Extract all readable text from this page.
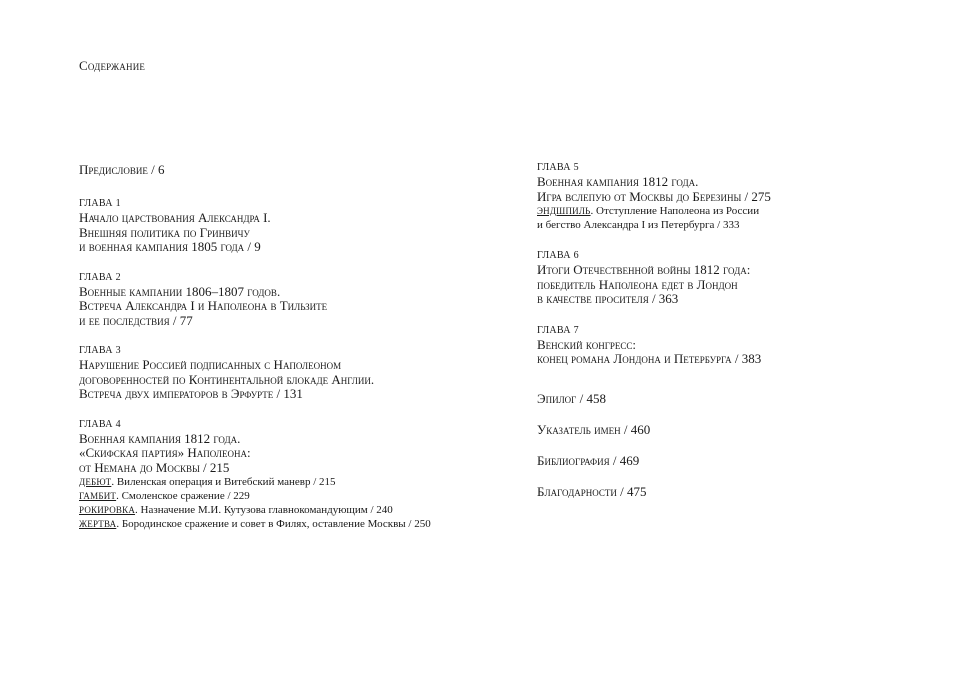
Содержание
Предисловие / 6
ГЛАВА 1
Начало царствования Александра I.
Внешняя политика по Гринвичу
и военная кампания 1805 года / 9
ГЛАВА 2
Военные кампании 1806–1807 годов.
Встреча Александра I и Наполеона в Тильзите
и ее последствия / 77
ГЛАВА 3
Нарушение Россией подписанных с Наполеоном
договоренностей по Континентальной блокаде Англии.
Встреча двух императоров в Эрфурте / 131
ГЛАВА 4
Военная кампания 1812 года.
«Скифская партия» Наполеона:
от Немана до Москвы / 215
ДЕБЮТ. Виленская операция и Витебский маневр / 215
ГАМБИТ. Смоленское сражение / 229
РОКИРОВКА. Назначение М.И. Кутузова главнокомандующим / 240
ЖЕРТВА. Бородинское сражение и совет в Филях, оставление Москвы / 250
ГЛАВА 5
Военная кампания 1812 года.
Игра вслепую от Москвы до Березины / 275
ЭНДШПИЛЬ. Отступление Наполеона из России
и бегство Александра I из Петербурга / 333
ГЛАВА 6
Итоги Отечественной войны 1812 года:
победитель Наполеона едет в Лондон
в качестве просителя / 363
ГЛАВА 7
Венский конгресс:
конец романа Лондона и Петербурга / 383
Эпилог / 458
Указатель имен / 460
Библиография / 469
Благодарности / 475
